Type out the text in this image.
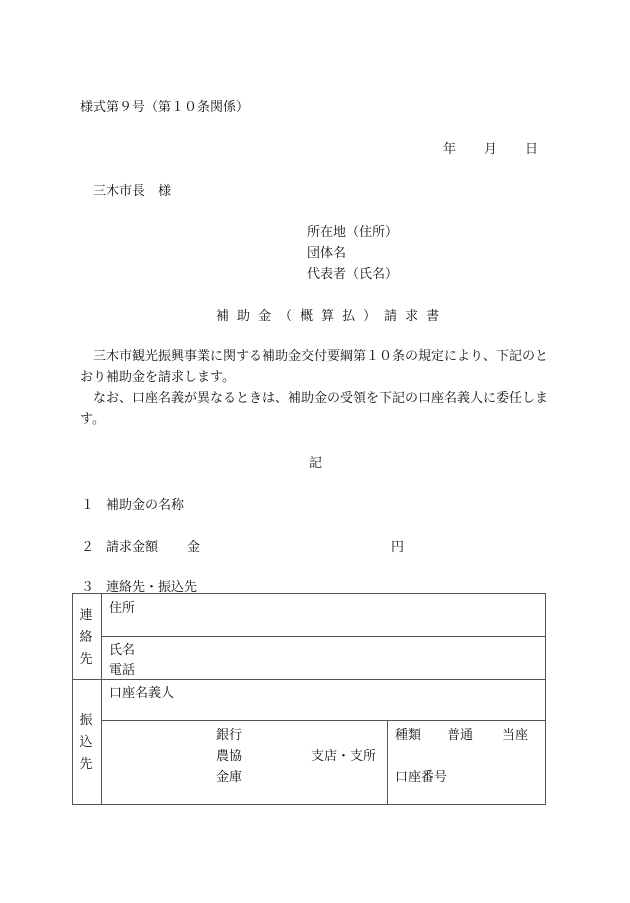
様式第９号（第１０条関係）
年 月 日
三木市長　様
所在地（住所）
団体名
代表者（氏名）
補 助 金 （ 概 算 払 ） 請 求 書
三木市観光振興事業に関する補助金交付要綱第１０条の規定により、下記のとおり補助金を請求します。
なお、口座名義が異なるときは、補助金の受領を下記の口座名義人に委任します。
記
１ 補助金の名称
２ 請求金額 金	円
３ 連絡先・振込先
連
絡
先
住所
氏名
電話
振
込
先
口座名義人
銀行
農協
金庫
支店・支所
種類 普通 当座
口座番号
